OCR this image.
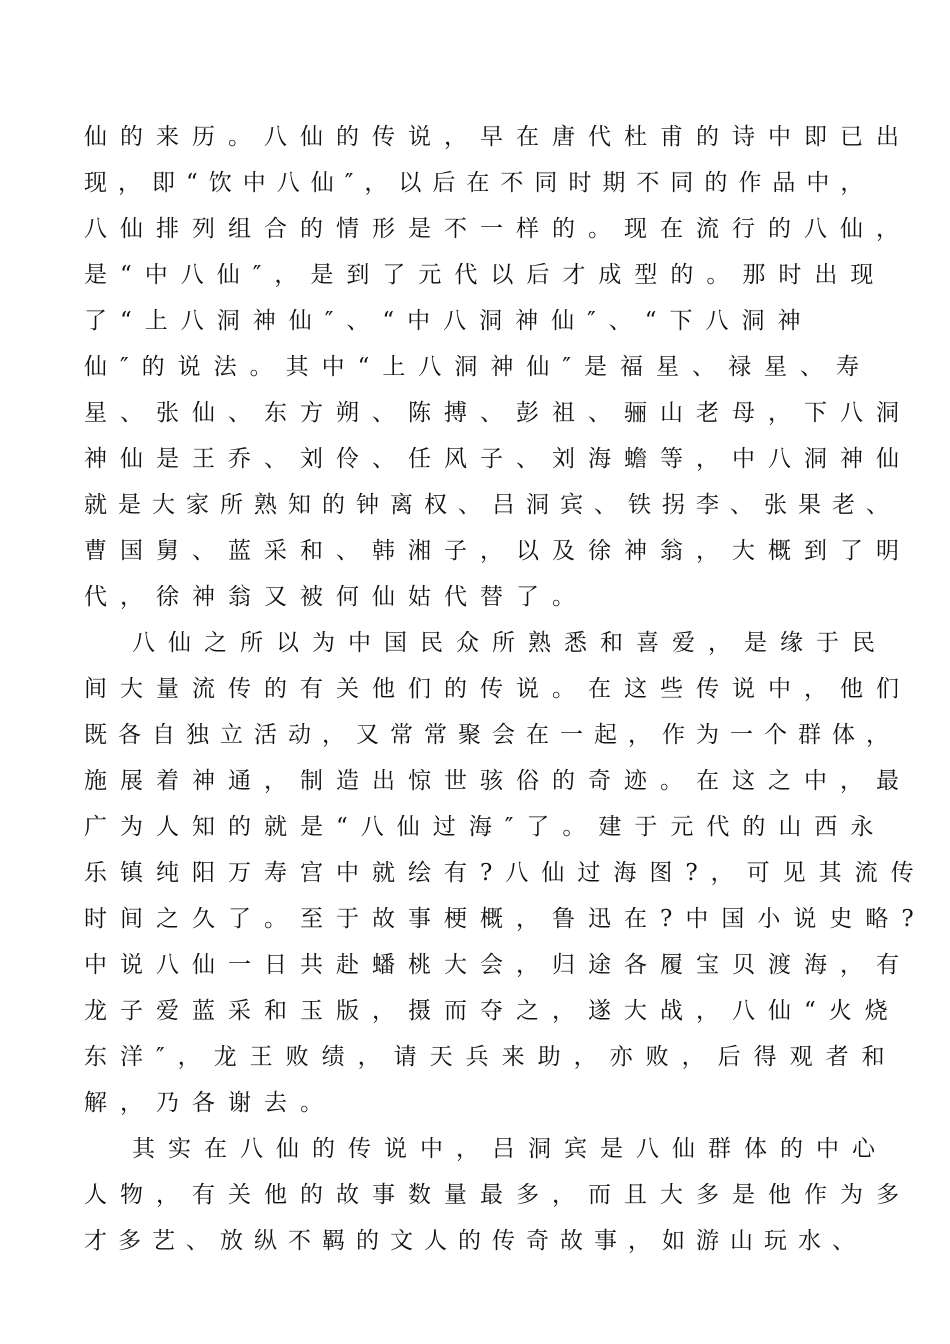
仙的来历。八仙的传说，早在唐代杜甫的诗中即已出
现，即“饮中八仙″，以后在不同时期不同的作品中，
八仙排列组合的情形是不一样的。现在流行的八仙，
是“中八仙″，是到了元代以后才成型的。那时出现
了“上八洞神仙″、“中八洞神仙″、“下八洞神
仙″的说法。其中“上八洞神仙″是福星、禄星、寿
星、张仙、东方朔、陈搏、彭祖、骊山老母，下八洞
神仙是王乔、刘伶、任风子、刘海蟾等，中八洞神仙
就是大家所熟知的钟离权、吕洞宾、铁拐李、张果老、
曹国舅、蓝采和、韩湘子，以及徐神翁，大概到了明
代，徐神翁又被何仙姑代替了。
八仙之所以为中国民众所熟悉和喜爱，是缘于民
间大量流传的有关他们的传说。在这些传说中，他们
既各自独立活动，又常常聚会在一起，作为一个群体，
施展着神通，制造出惊世骇俗的奇迹。在这之中，最
广为人知的就是“八仙过海″了。建于元代的山西永
乐镇纯阳万寿宫中就绘有?八仙过海图?，可见其流传
时间之久了。至于故事梗概，鲁迅在?中国小说史略?
中说八仙一日共赴蟠桃大会，归途各履宝贝渡海，有
龙子爱蓝采和玉版，摄而夺之，遂大战，八仙“火烧
东洋″，龙王败绩，请天兵来助，亦败，后得观者和
解，乃各谢去。
其实在八仙的传说中，吕洞宾是八仙群体的中心
人物，有关他的故事数量最多，而且大多是他作为多
才多艺、放纵不羁的文人的传奇故事，如游山玩水、
